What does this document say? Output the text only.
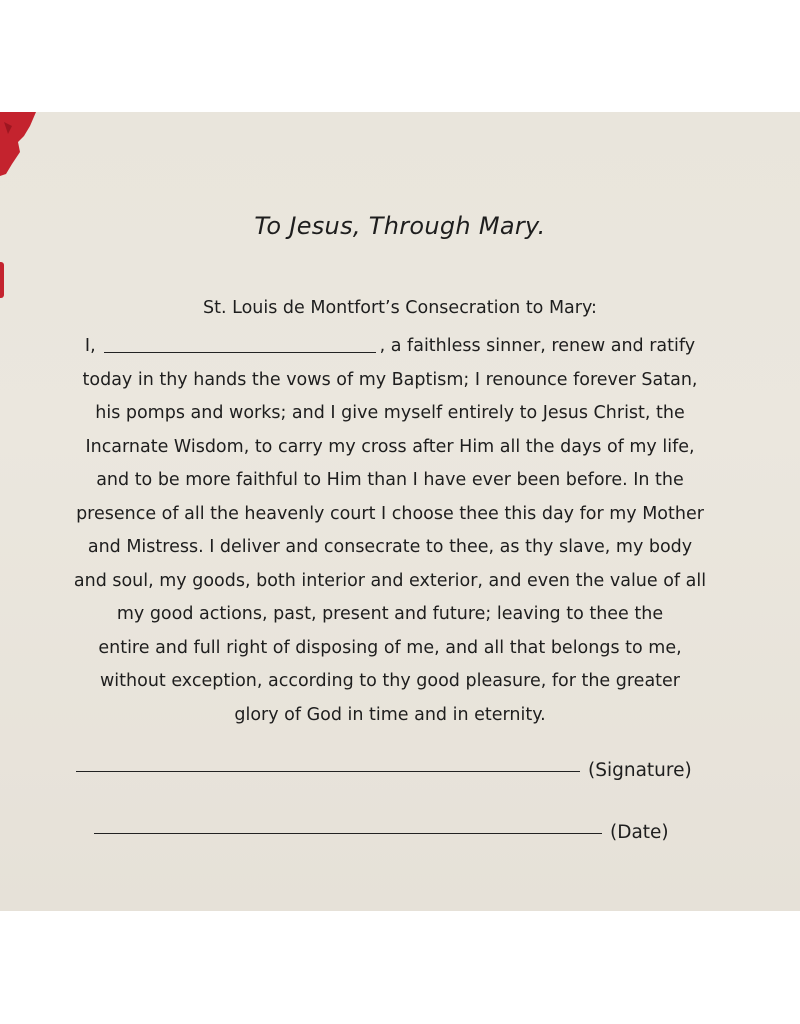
To Jesus, Through Mary.
St. Louis de Montfort’s Consecration to Mary:
I,	, a faithless sinner, renew and ratify
today in thy hands the vows of my Baptism; I renounce forever Satan,
his pomps and works; and I give myself entirely to Jesus Christ, the
Incarnate Wisdom, to carry my cross after Him all the days of my life,
and to be more faithful to Him than I have ever been before. In the
presence of all the heavenly court I choose thee this day for my Mother
and Mistress. I deliver and consecrate to thee, as thy slave, my body
and soul, my goods, both interior and exterior, and even the value of all
my good actions, past, present and future; leaving to thee the
entire and full right of disposing of me, and all that belongs to me,
without exception, according to thy good pleasure, for the greater
glory of God in time and in eternity.
(Signature)
(Date)
